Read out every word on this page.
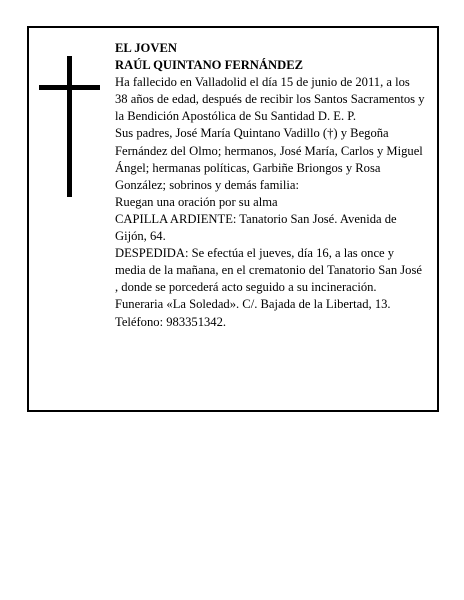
EL JOVEN

RAÚL QUINTANO FERNÁNDEZ

Ha fallecido en Valladolid el día 15 de junio de 2011, a los 38 años de edad, después de recibir los Santos Sacramentos y la Bendición Apostólica de Su Santidad D. E. P.

Sus padres, José María Quintano Vadillo (†) y Begoña Fernández del Olmo; hermanos, José María, Carlos y Miguel Ángel; hermanas políticas, Garbiñe Briongos y Rosa González; sobrinos y demás familia:

Ruegan una oración por su alma

CAPILLA ARDIENTE: Tanatorio San José. Avenida de Gijón, 64.

DESPEDIDA: Se efectúa el jueves, día 16, a las once y media de la mañana, en el crematonio del Tanatorio San José , donde se porcederá acto seguido a su incineración.

Funeraria «La Soledad». C/. Bajada de la Libertad, 13. Teléfono: 983351342.
